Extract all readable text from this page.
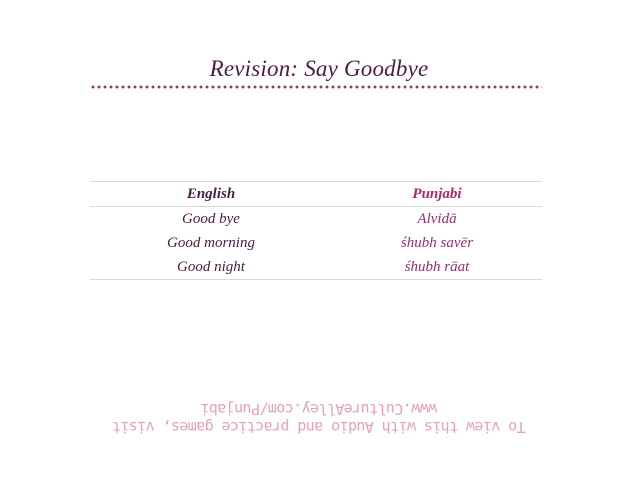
Revision: Say Goodbye
English	Punjabi
Good bye	Alvidā
Good morning	śhubh savēr
Good night	śhubh rāat
To view this with Audio and practice games, visit www.CultureAlley.com/Punjabi
